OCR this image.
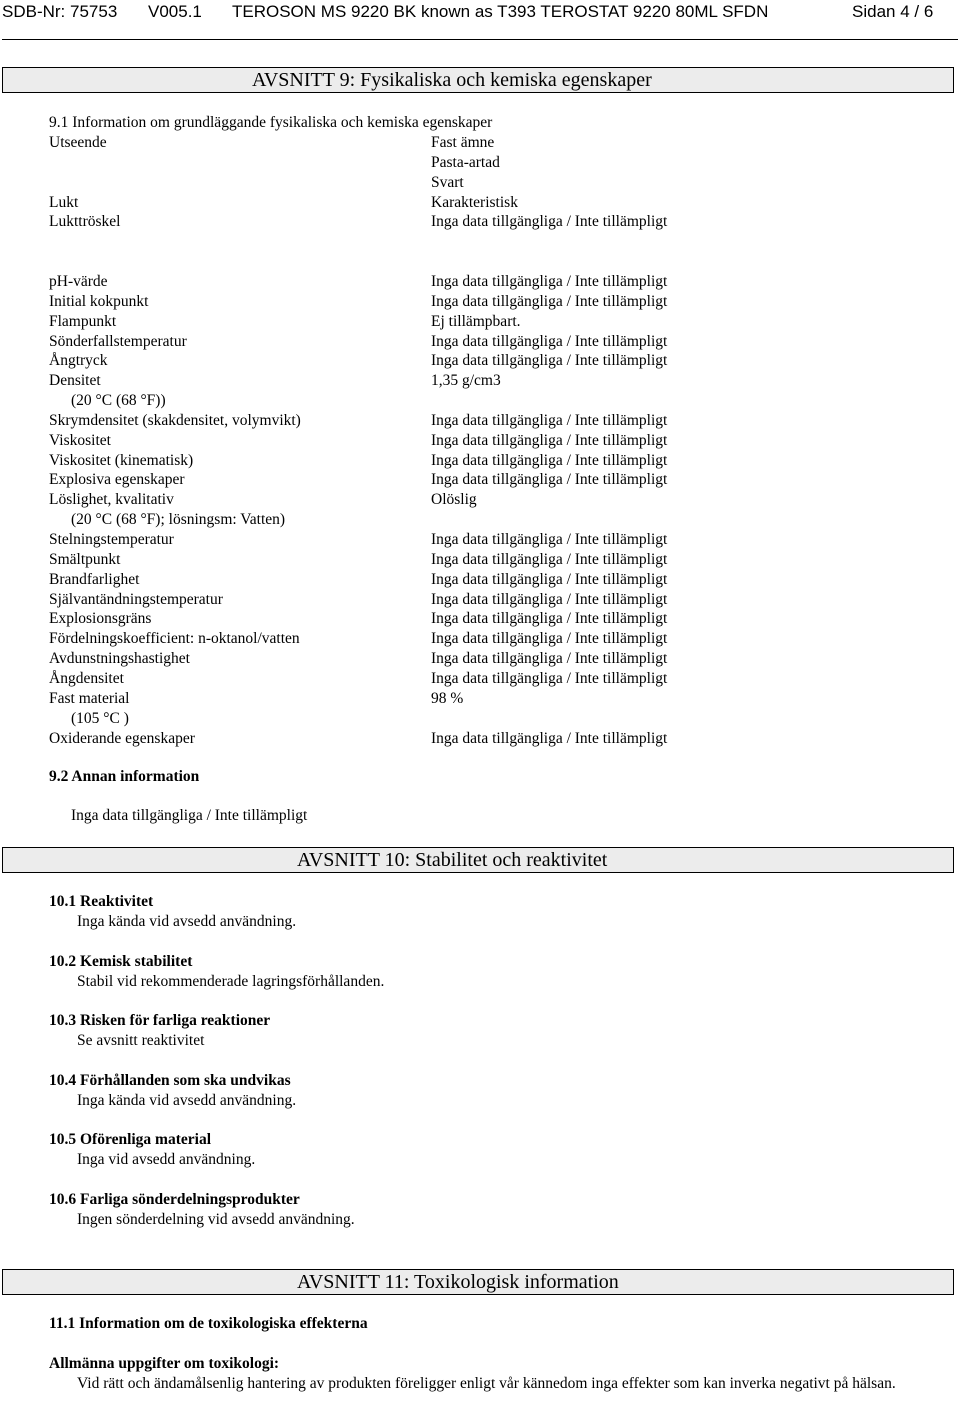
SDB-Nr: 75753 V005.1 TEROSON MS 9220 BK known as T393 TEROSTAT 9220 80ML SFDN	Sidan 4 / 6
AVSNITT 9: Fysikaliska och kemiska egenskaper
9.1 Information om grundläggande fysikaliska och kemiska egenskaper
Utseende	Fast ämne
Pasta-artad
Svart
Lukt	Karakteristisk
Lukttröskel	Inga data tillgängliga / Inte tillämpligt
pH-värde	Inga data tillgängliga / Inte tillämpligt
Initial kokpunkt	Inga data tillgängliga / Inte tillämpligt
Flampunkt	Ej tillämpbart.
Sönderfallstemperatur	Inga data tillgängliga / Inte tillämpligt
Ångtryck	Inga data tillgängliga / Inte tillämpligt
Densitet	1,35 g/cm3
(20 °C (68 °F))
Skrymdensitet (skakdensitet, volymvikt)	Inga data tillgängliga / Inte tillämpligt
Viskositet	Inga data tillgängliga / Inte tillämpligt
Viskositet (kinematisk)	Inga data tillgängliga / Inte tillämpligt
Explosiva egenskaper	Inga data tillgängliga / Inte tillämpligt
Löslighet, kvalitativ	Olöslig
(20 °C (68 °F); lösningsm: Vatten)
Stelningstemperatur	Inga data tillgängliga / Inte tillämpligt
Smältpunkt	Inga data tillgängliga / Inte tillämpligt
Brandfarlighet	Inga data tillgängliga / Inte tillämpligt
Självantändningstemperatur	Inga data tillgängliga / Inte tillämpligt
Explosionsgräns	Inga data tillgängliga / Inte tillämpligt
Fördelningskoefficient: n-oktanol/vatten	Inga data tillgängliga / Inte tillämpligt
Avdunstningshastighet	Inga data tillgängliga / Inte tillämpligt
Ångdensitet	Inga data tillgängliga / Inte tillämpligt
Fast material	98 %
(105 °C )
Oxiderande egenskaper	Inga data tillgängliga / Inte tillämpligt
9.2 Annan information
Inga data tillgängliga / Inte tillämpligt
AVSNITT 10: Stabilitet och reaktivitet
10.1 Reaktivitet
Inga kända vid avsedd användning.
10.2 Kemisk stabilitet
Stabil vid rekommenderade lagringsförhållanden.
10.3 Risken för farliga reaktioner
Se avsnitt reaktivitet
10.4 Förhållanden som ska undvikas
Inga kända vid avsedd användning.
10.5 Oförenliga material
Inga vid avsedd användning.
10.6 Farliga sönderdelningsprodukter
Ingen sönderdelning vid avsedd användning.
AVSNITT 11: Toxikologisk information
11.1 Information om de toxikologiska effekterna
Allmänna uppgifter om toxikologi:
Vid rätt och ändamålsenlig hantering av produkten föreligger enligt vår kännedom inga effekter som kan inverka negativt på hälsan.
